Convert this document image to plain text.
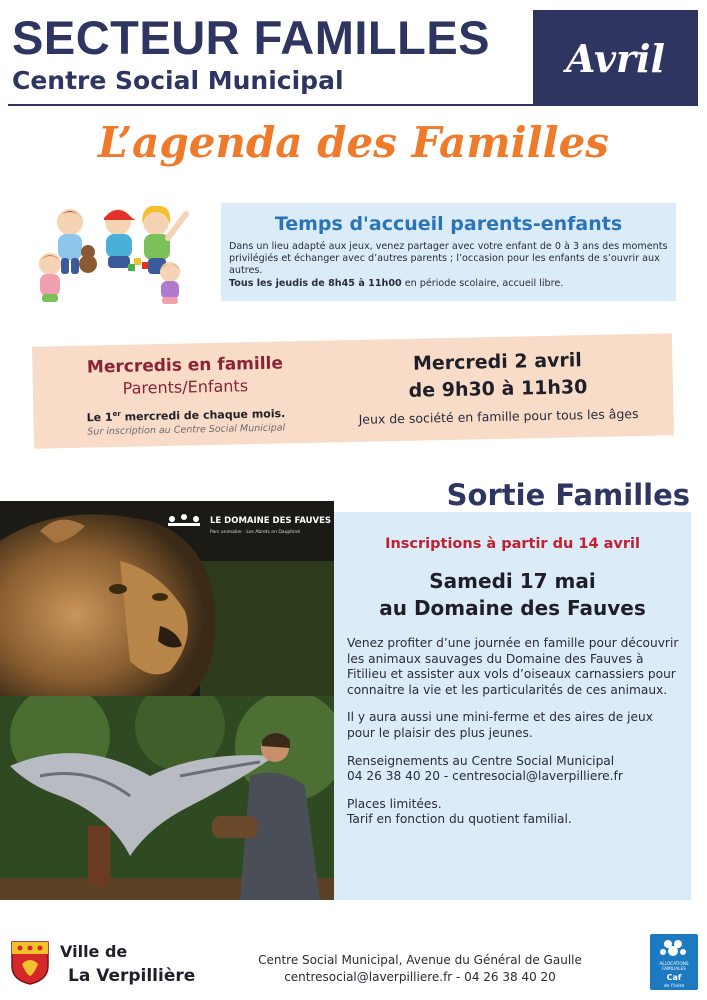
SECTEUR FAMILLES
Centre Social Municipal	Avril
L’agenda des Familles
Temps d'accueil parents-enfants
Dans un lieu adapté aux jeux, venez partager avec votre enfant de 0 à 3 ans des moments privilégiés et échanger avec d’autres parents ; l’occasion pour les enfants de s’ouvrir aux autres.
Tous les jeudis de 8h45 à 11h00 en période scolaire, accueil libre.
Mercredis en famille
Parents/Enfants
Le 1er mercredi de chaque mois.
Sur inscription au Centre Social Municipal
Mercredi 2 avril
de 9h30 à 11h30
Jeux de société en famille pour tous les âges
LE DOMAINE DES FAUVES
Parc animalier · Les Abrets en Dauphiné
Inscriptions à partir du 14 avril
Samedi 17 mai
au Domaine des Fauves
Venez profiter d’une journée en famille pour découvrir les animaux sauvages du Domaine des Fauves à Fitilieu et assister aux vols d’oiseaux carnassiers pour connaitre la vie et les particularités de ces animaux.
Il y aura aussi une mini-ferme et des aires de jeux pour le plaisir des plus jeunes.
Renseignements au Centre Social Municipal
04 26 38 40 20 - centresocial@laverpilliere.fr
Places limitées.
Tarif en fonction du quotient familial.
Sortie Familles
Ville de
La Verpillière
Centre Social Municipal, Avenue du Général de Gaulle
centresocial@laverpilliere.fr - 04 26 38 40 20
ALLOCATIONS
FAMILIALES
Caf
de l'Isère
